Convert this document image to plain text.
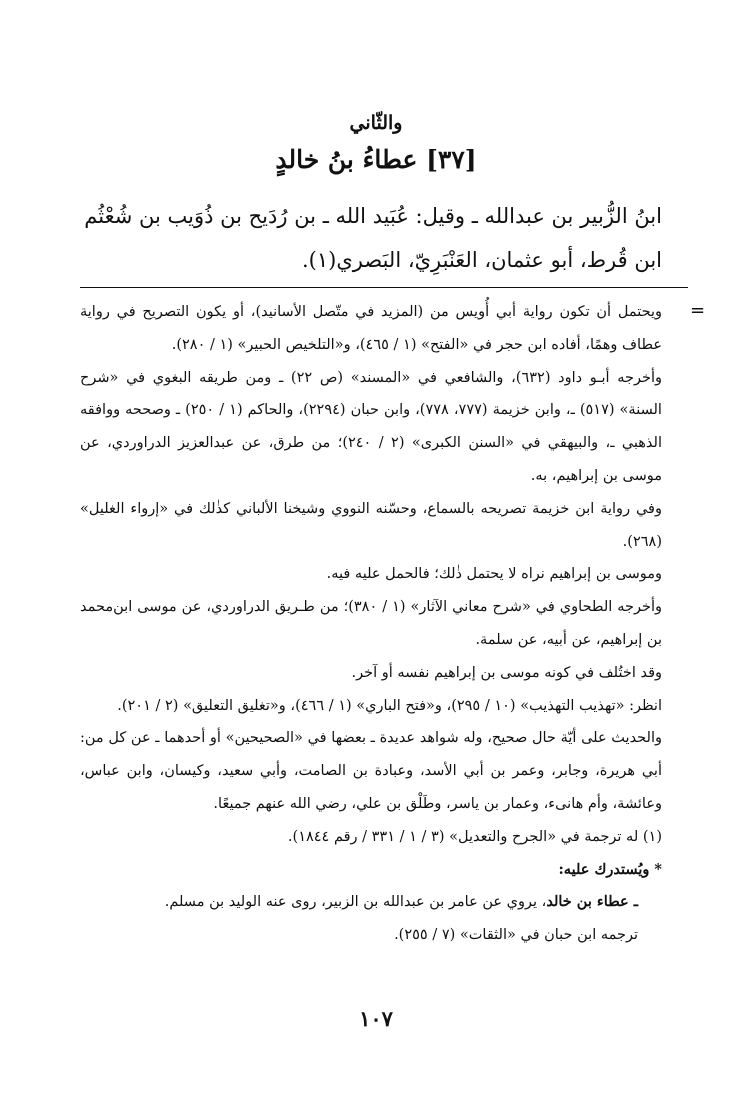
والثّاني
[٣٧] عطاءُ بنُ خالدٍ
ابنُ الزُّبير بن عبدالله ـ وقيل: عُبَيد الله ـ بن رُدَيح بن ذُوَيب بن شُعْثُم
ابن قُرط، أبو عثمان، العَنْبَرِيّ، البَصري(١).
=

ويحتمل أن تكون رواية أبي أُويس من (المزيد في متّصل الأسانيد)، أو يكون التصريح في رواية عطاف وهمًا، أفاده ابن حجر في «الفتح» (١ / ٤٦٥)، و«التلخيص الحبير» (١ / ٢٨٠).

وأخرجه أبـو داود (٦٣٢)، والشافعي في «المسند» (ص ٢٢) ـ ومن طريقه البغوي في «شرح السنة» (٥١٧) ـ، وابن خزيمة (٧٧٧، ٧٧٨)، وابن حبان (٢٢٩٤)، والحاكم (١ / ٢٥٠) ـ وصححه ووافقه الذهبي ـ، والبيهقي في «السنن الكبرى» (٢ / ٢٤٠)؛ من طرق، عن عبدالعزيز الدراوردي، عن موسى بن إبراهيم، به.

وفي رواية ابن خزيمة تصريحه بالسماع، وحسّنه النووي وشيخنا الألباني كذٰلك في «إرواء الغليل» (٢٦٨).

وموسى بن إبراهيم نراه لا يحتمل ذٰلك؛ فالحمل عليه فيه.

وأخرجه الطحاوي في «شرح معاني الآثار» (١ / ٣٨٠)؛ من طـريق الدراوردي، عن موسى ابن‌محمد بن إبراهيم، عن أبيه، عن سلمة.

وقد اختُلف في كونه موسى بن إبراهيم نفسه أو آخر.

انظر: «تهذيب التهذيب» (١٠ / ٢٩٥)، و«فتح الباري» (١ / ٤٦٦)، و«تغليق التعليق» (٢ / ٢٠١).

والحديث على أيّة حال صحيح، وله شواهد عديدة ـ بعضها في «الصحيحين» أو أحدهما ـ عن كل من: أبي هريرة، وجابر، وعمر بن أبي الأسد، وعبادة بن الصامت، وأبي سعيد، وكيسان، وابن عباس، وعائشة، وأم هانىء، وعمار بن ياسر، وطَلْق بن علي، رضي الله عنهم جميعًا.

(١) له ترجمة في «الجرح والتعديل» (٣ / ١ / ٣٣١ / رقم ١٨٤٤).

* ويُستدرك عليه:

ـ عطاء بن خالد، يروي عن عامر بن عبدالله بن الزبير، روى عنه الوليد بن مسلم.

ترجمه ابن حبان في «الثقات» (٧ / ٢٥٥).

١٠٧
